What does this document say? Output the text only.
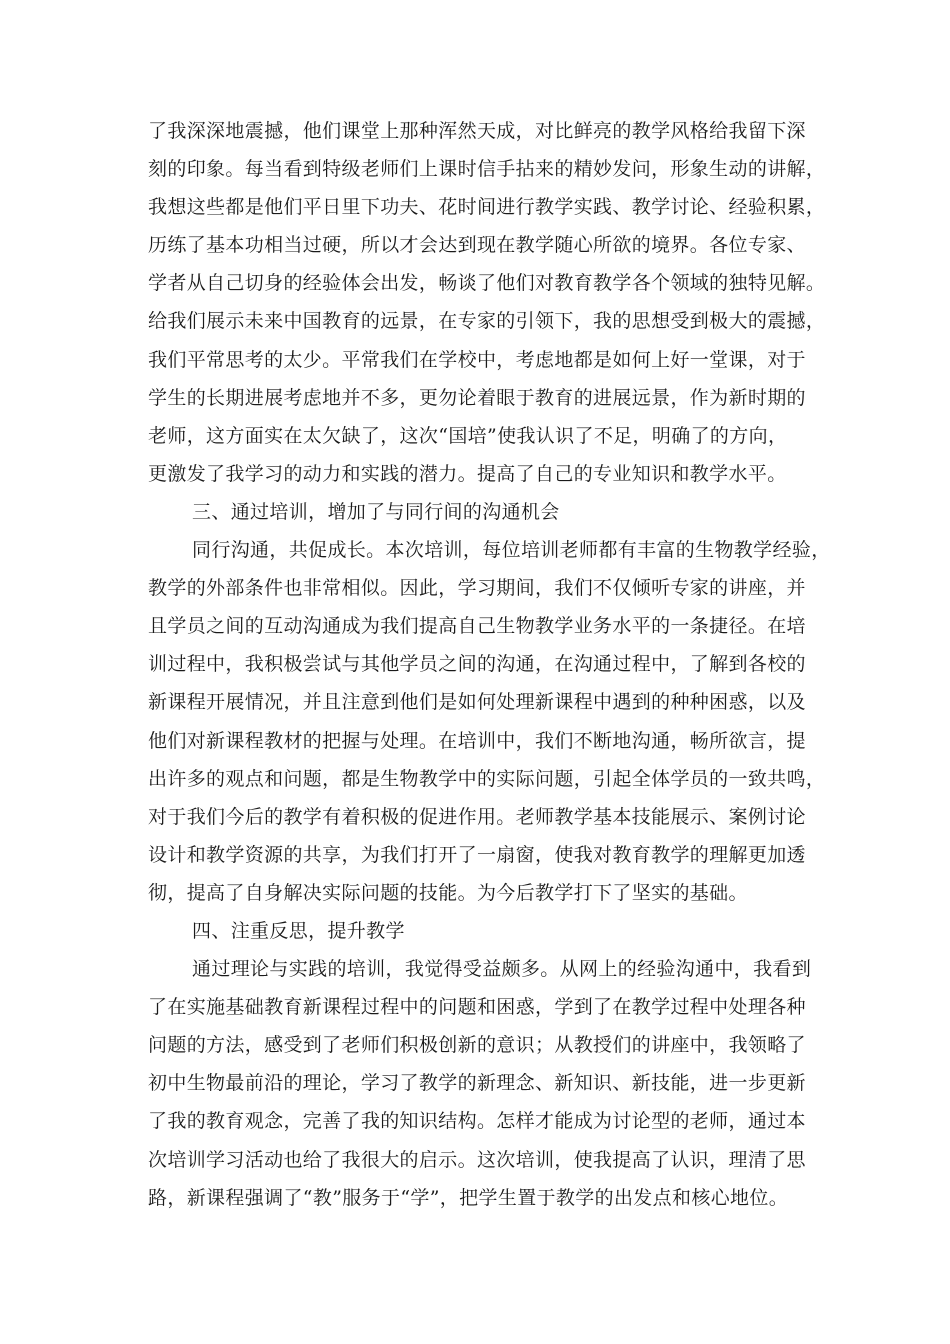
了我深深地震撼，他们课堂上那种浑然天成，对比鲜亮的教学风格给我留下深
刻的印象。每当看到特级老师们上课时信手拈来的精妙发问，形象生动的讲解，
我想这些都是他们平日里下功夫、花时间进行教学实践、教学讨论、经验积累，
历练了基本功相当过硬，所以才会达到现在教学随心所欲的境界。各位专家、
学者从自己切身的经验体会出发，畅谈了他们对教育教学各个领域的独特见解。
给我们展示未来中国教育的远景，在专家的引领下，我的思想受到极大的震撼，
我们平常思考的太少。平常我们在学校中，考虑地都是如何上好一堂课，对于
学生的长期进展考虑地并不多，更勿论着眼于教育的进展远景，作为新时期的
老师，这方面实在太欠缺了，这次“国培”使我认识了不足，明确了的方向，
更激发了我学习的动力和实践的潜力。提高了自己的专业知识和教学水平。
三、通过培训，增加了与同行间的沟通机会
同行沟通，共促成长。本次培训，每位培训老师都有丰富的生物教学经验，
教学的外部条件也非常相似。因此，学习期间，我们不仅倾听专家的讲座，并
且学员之间的互动沟通成为我们提高自己生物教学业务水平的一条捷径。在培
训过程中，我积极尝试与其他学员之间的沟通，在沟通过程中，了解到各校的
新课程开展情况，并且注意到他们是如何处理新课程中遇到的种种困惑，以及
他们对新课程教材的把握与处理。在培训中，我们不断地沟通，畅所欲言，提
出许多的观点和问题，都是生物教学中的实际问题，引起全体学员的一致共鸣，
对于我们今后的教学有着积极的促进作用。老师教学基本技能展示、案例讨论
设计和教学资源的共享，为我们打开了一扇窗，使我对教育教学的理解更加透
彻，提高了自身解决实际问题的技能。为今后教学打下了坚实的基础。
四、注重反思，提升教学
通过理论与实践的培训，我觉得受益颇多。从网上的经验沟通中，我看到
了在实施基础教育新课程过程中的问题和困惑，学到了在教学过程中处理各种
问题的方法，感受到了老师们积极创新的意识；从教授们的讲座中，我领略了
初中生物最前沿的理论，学习了教学的新理念、新知识、新技能，进一步更新
了我的教育观念，完善了我的知识结构。怎样才能成为讨论型的老师，通过本
次培训学习活动也给了我很大的启示。这次培训，使我提高了认识，理清了思
路，新课程强调了“教”服务于“学”，把学生置于教学的出发点和核心地位。
